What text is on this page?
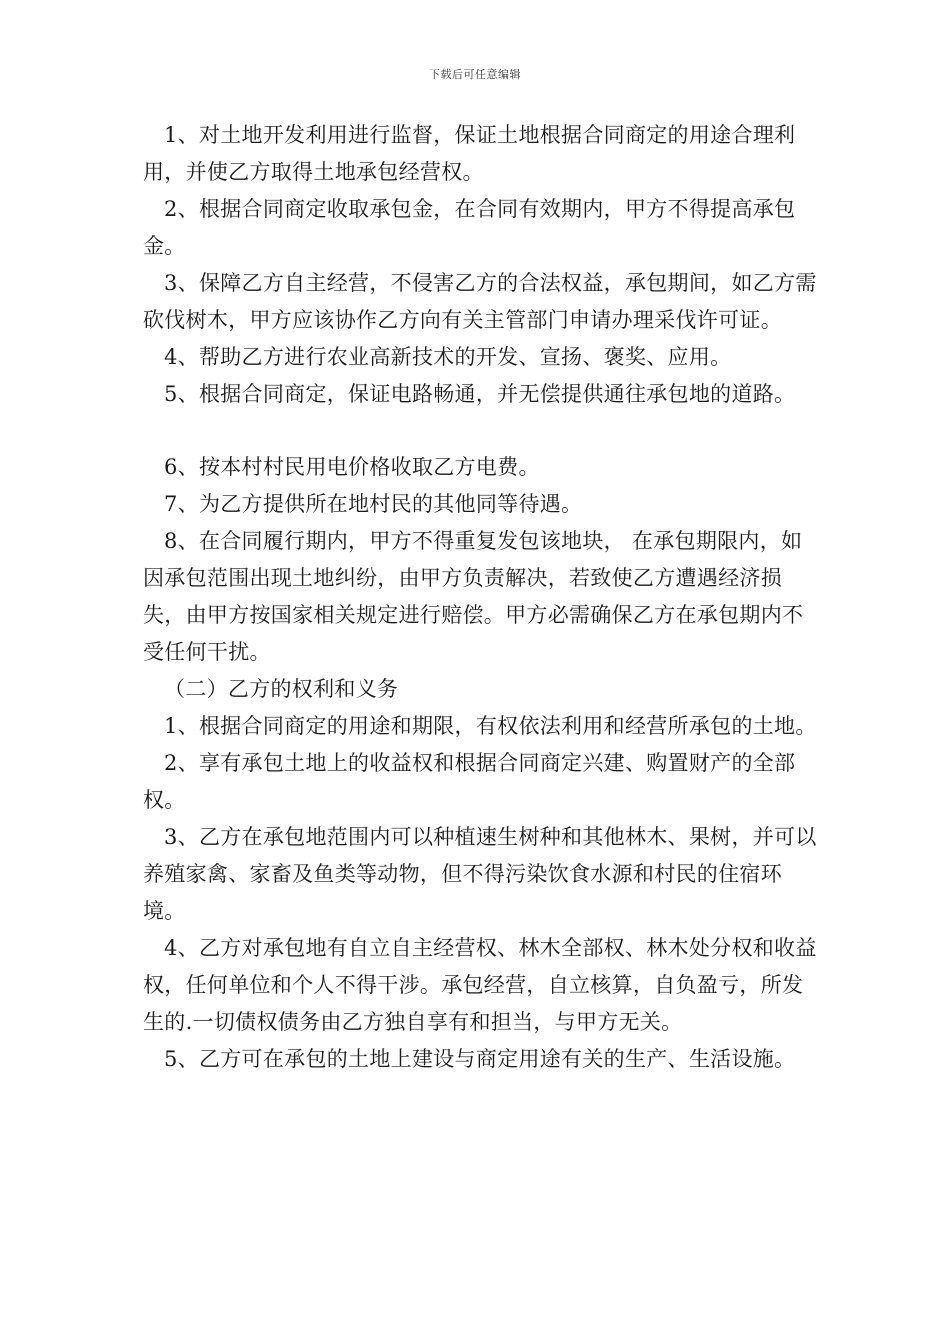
下载后可任意编辑

1、对土地开发利用进行监督，保证土地根据合同商定的用途合理利用，并使乙方取得土地承包经营权。

2、根据合同商定收取承包金，在合同有效期内，甲方不得提高承包金。

3、保障乙方自主经营，不侵害乙方的合法权益，承包期间，如乙方需砍伐树木，甲方应该协作乙方向有关主管部门申请办理采伐许可证。

4、帮助乙方进行农业高新技术的开发、宣扬、褒奖、应用。

5、根据合同商定，保证电路畅通，并无偿提供通往承包地的道路。

6、按本村村民用电价格收取乙方电费。

7、为乙方提供所在地村民的其他同等待遇。

8、在合同履行期内，甲方不得重复发包该地块， 在承包期限内，如因承包范围出现土地纠纷，由甲方负责解决，若致使乙方遭遇经济损失，由甲方按国家相关规定进行赔偿。甲方必需确保乙方在承包期内不受任何干扰。

（二）乙方的权利和义务

1、根据合同商定的用途和期限，有权依法利用和经营所承包的土地。

2、享有承包土地上的收益权和根据合同商定兴建、购置财产的全部权。

3、乙方在承包地范围内可以种植速生树种和其他林木、果树，并可以养殖家禽、家畜及鱼类等动物，但不得污染饮食水源和村民的住宿环境。

4、乙方对承包地有自立自主经营权、林木全部权、林木处分权和收益权，任何单位和个人不得干涉。承包经营，自立核算，自负盈亏，所发生的.一切债权债务由乙方独自享有和担当，与甲方无关。

5、乙方可在承包的土地上建设与商定用途有关的生产、生活设施。
